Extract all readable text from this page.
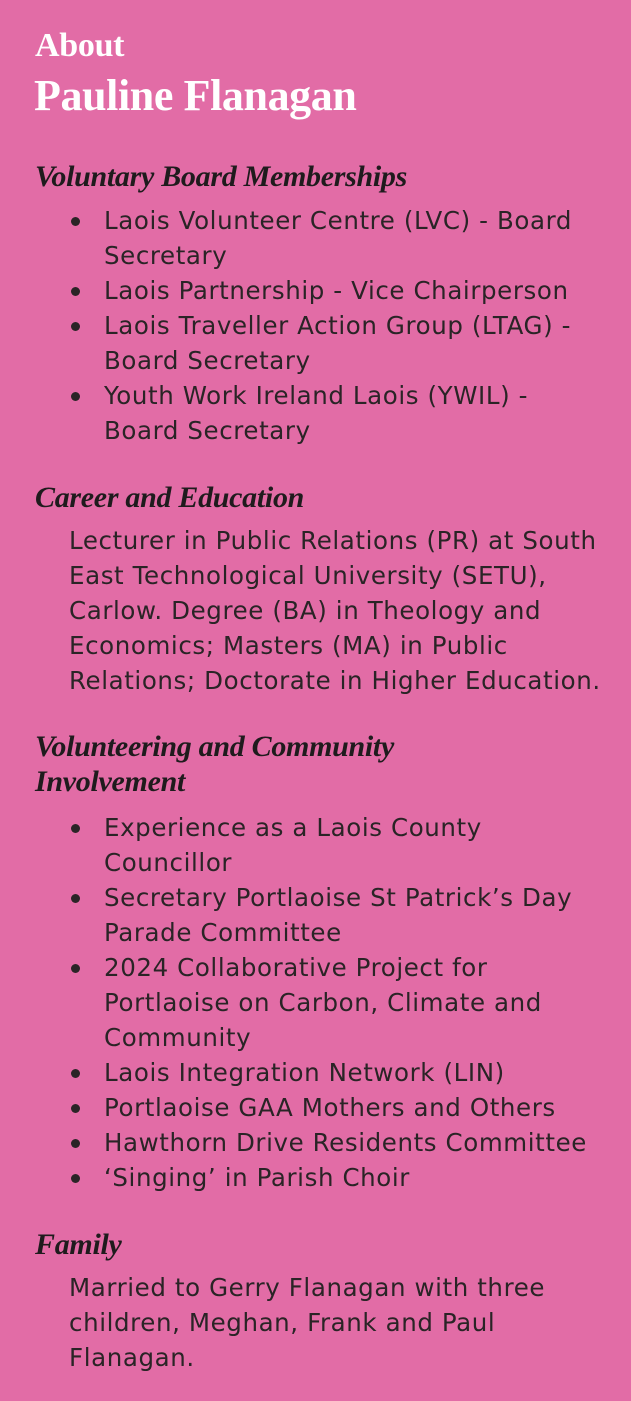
About
Pauline Flanagan
Voluntary Board Memberships
Laois Volunteer Centre (LVC) - Board
Secretary
Laois Partnership - Vice Chairperson
Laois Traveller Action Group (LTAG) -
Board Secretary
Youth Work Ireland Laois (YWIL) -
Board Secretary
Career and Education

Lecturer in Public Relations (PR) at South
East Technological University (SETU),
Carlow. Degree (BA) in Theology and
Economics; Masters (MA) in Public
Relations; Doctorate in Higher Education.

Volunteering and Community
Involvement
Experience as a Laois County
Councillor
Secretary Portlaoise St Patrick’s Day
Parade Committee
2024 Collaborative Project for
Portlaoise on Carbon, Climate and
Community
Laois Integration Network (LIN)
Portlaoise GAA Mothers and Others
Hawthorn Drive Residents Committee
‘Singing’ in Parish Choir
Family

Married to Gerry Flanagan with three
children, Meghan, Frank and Paul
Flanagan.
